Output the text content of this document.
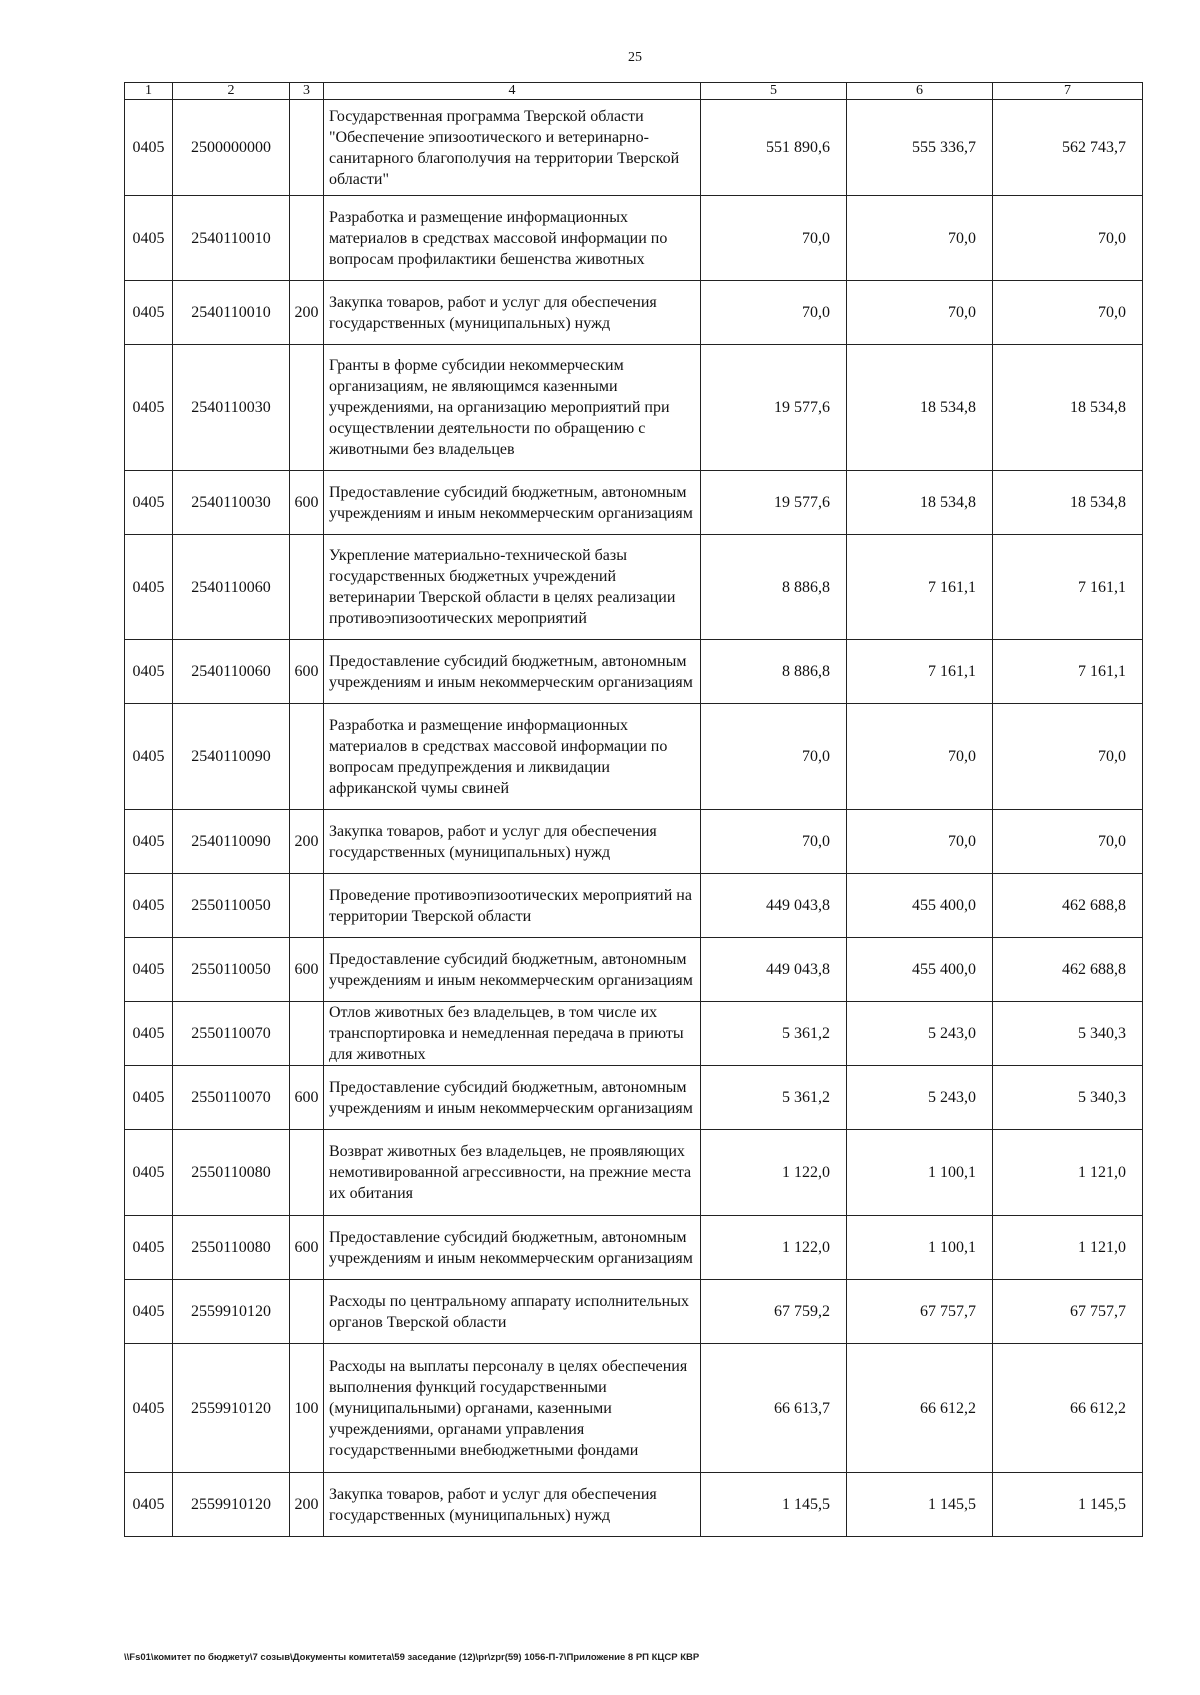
25
1	2	3	4	5	6	7
0405	2500000000		Государственная программа Тверской области "Обеспечение эпизоотического и ветеринарно-санитарного благополучия на территории Тверской области"	551 890,6	555 336,7	562 743,7
0405	2540110010		Разработка и размещение информационных материалов в средствах массовой информации по вопросам профилактики бешенства животных	70,0	70,0	70,0
0405	2540110010	200	Закупка товаров, работ и услуг для обеспечения государственных (муниципальных) нужд	70,0	70,0	70,0
0405	2540110030		Гранты в форме субсидии некоммерческим организациям, не являющимся казенными учреждениями, на организацию мероприятий при осуществлении деятельности по обращению с животными без владельцев	19 577,6	18 534,8	18 534,8
0405	2540110030	600	Предоставление субсидий бюджетным, автономным учреждениям и иным некоммерческим организациям	19 577,6	18 534,8	18 534,8
0405	2540110060		Укрепление материально-технической базы государственных бюджетных учреждений ветеринарии Тверской области в целях реализации противоэпизоотических мероприятий	8 886,8	7 161,1	7 161,1
0405	2540110060	600	Предоставление субсидий бюджетным, автономным учреждениям и иным некоммерческим организациям	8 886,8	7 161,1	7 161,1
0405	2540110090		Разработка и размещение информационных материалов в средствах массовой информации по вопросам предупреждения и ликвидации африканской чумы свиней	70,0	70,0	70,0
0405	2540110090	200	Закупка товаров, работ и услуг для обеспечения государственных (муниципальных) нужд	70,0	70,0	70,0
0405	2550110050		Проведение противоэпизоотических мероприятий на территории Тверской области	449 043,8	455 400,0	462 688,8
0405	2550110050	600	Предоставление субсидий бюджетным, автономным учреждениям и иным некоммерческим организациям	449 043,8	455 400,0	462 688,8
0405	2550110070		Отлов животных без владельцев, в том числе их транспортировка и немедленная передача в приюты для животных	5 361,2	5 243,0	5 340,3
0405	2550110070	600	Предоставление субсидий бюджетным, автономным учреждениям и иным некоммерческим организациям	5 361,2	5 243,0	5 340,3
0405	2550110080		Возврат животных без владельцев, не проявляющих немотивированной агрессивности, на прежние места их обитания	1 122,0	1 100,1	1 121,0
0405	2550110080	600	Предоставление субсидий бюджетным, автономным учреждениям и иным некоммерческим организациям	1 122,0	1 100,1	1 121,0
0405	2559910120		Расходы по центральному аппарату исполнительных органов Тверской области	67 759,2	67 757,7	67 757,7
0405	2559910120	100	Расходы на выплаты персоналу в целях обеспечения выполнения функций государственными (муниципальными) органами, казенными учреждениями, органами управления государственными внебюджетными фондами	66 613,7	66 612,2	66 612,2
0405	2559910120	200	Закупка товаров, работ и услуг для обеспечения государственных (муниципальных) нужд	1 145,5	1 145,5	1 145,5
\\Fs01\комитет по бюджету\7 созыв\Документы комитета\59 заседание (12)\pr\zpr(59) 1056-П-7\Приложение 8 РП КЦСР КВР
